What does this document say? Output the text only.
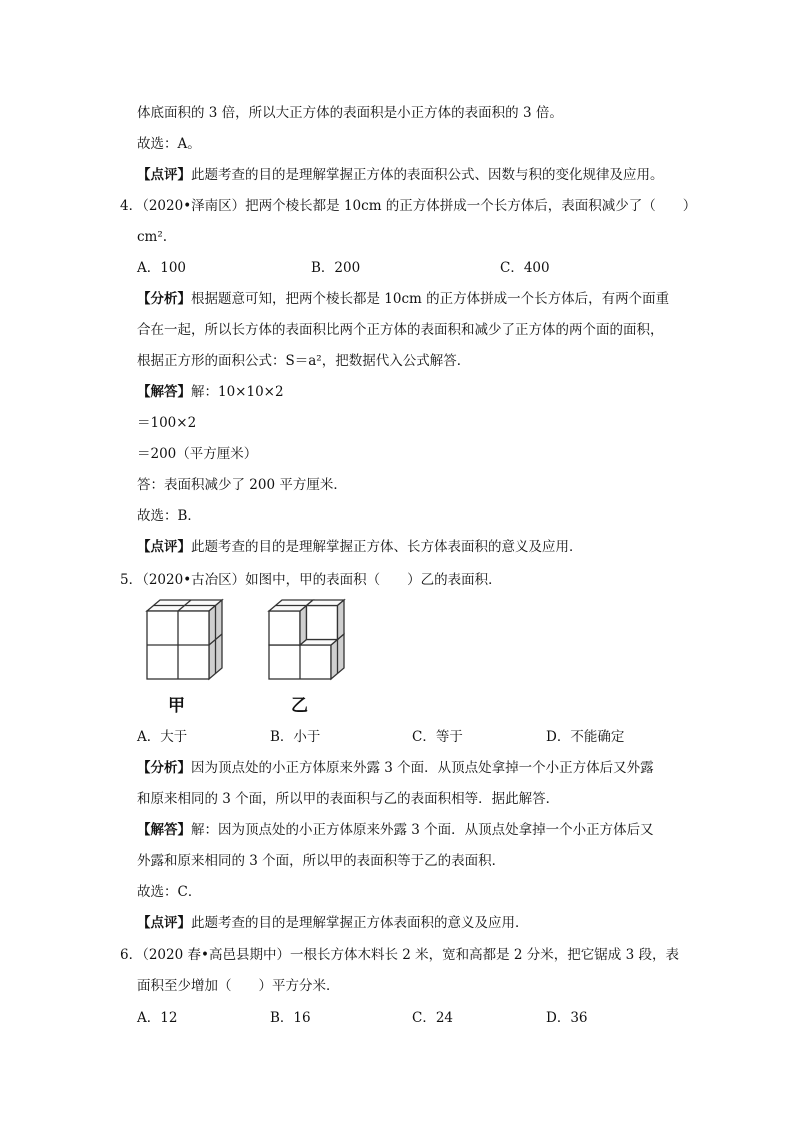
体底面积的 3 倍，所以大正方体的表面积是小正方体的表面积的 3 倍。
故选：A。
【点评】此题考查的目的是理解掌握正方体的表面积公式、因数与积的变化规律及应用。
4．（2020•泽南区）把两个棱长都是 10cm 的正方体拼成一个长方体后，表面积减少了（　　）
cm².
A．100	B．200	C．400
【分析】根据题意可知，把两个棱长都是 10cm 的正方体拼成一个长方体后，有两个面重
合在一起，所以长方体的表面积比两个正方体的表面积和减少了正方体的两个面的面积，
根据正方形的面积公式：S＝a²，把数据代入公式解答．
【解答】解：10×10×2
＝100×2
＝200（平方厘米）
答：表面积减少了 200 平方厘米．
故选：B．
【点评】此题考查的目的是理解掌握正方体、长方体表面积的意义及应用．
5．（2020•古冶区）如图中，甲的表面积（　　）乙的表面积．
甲	乙
A．大于	B．小于	C．等于	D．不能确定
【分析】因为顶点处的小正方体原来外露 3 个面．从顶点处拿掉一个小正方体后又外露
和原来相同的 3 个面，所以甲的表面积与乙的表面积相等．据此解答．
【解答】解：因为顶点处的小正方体原来外露 3 个面．从顶点处拿掉一个小正方体后又
外露和原来相同的 3 个面，所以甲的表面积等于乙的表面积．
故选：C．
【点评】此题考查的目的是理解掌握正方体表面积的意义及应用．
6．（2020 春•高邑县期中）一根长方体木料长 2 米，宽和高都是 2 分米，把它锯成 3 段，表
面积至少增加（　　）平方分米．
A．12	B．16	C．24	D．36
